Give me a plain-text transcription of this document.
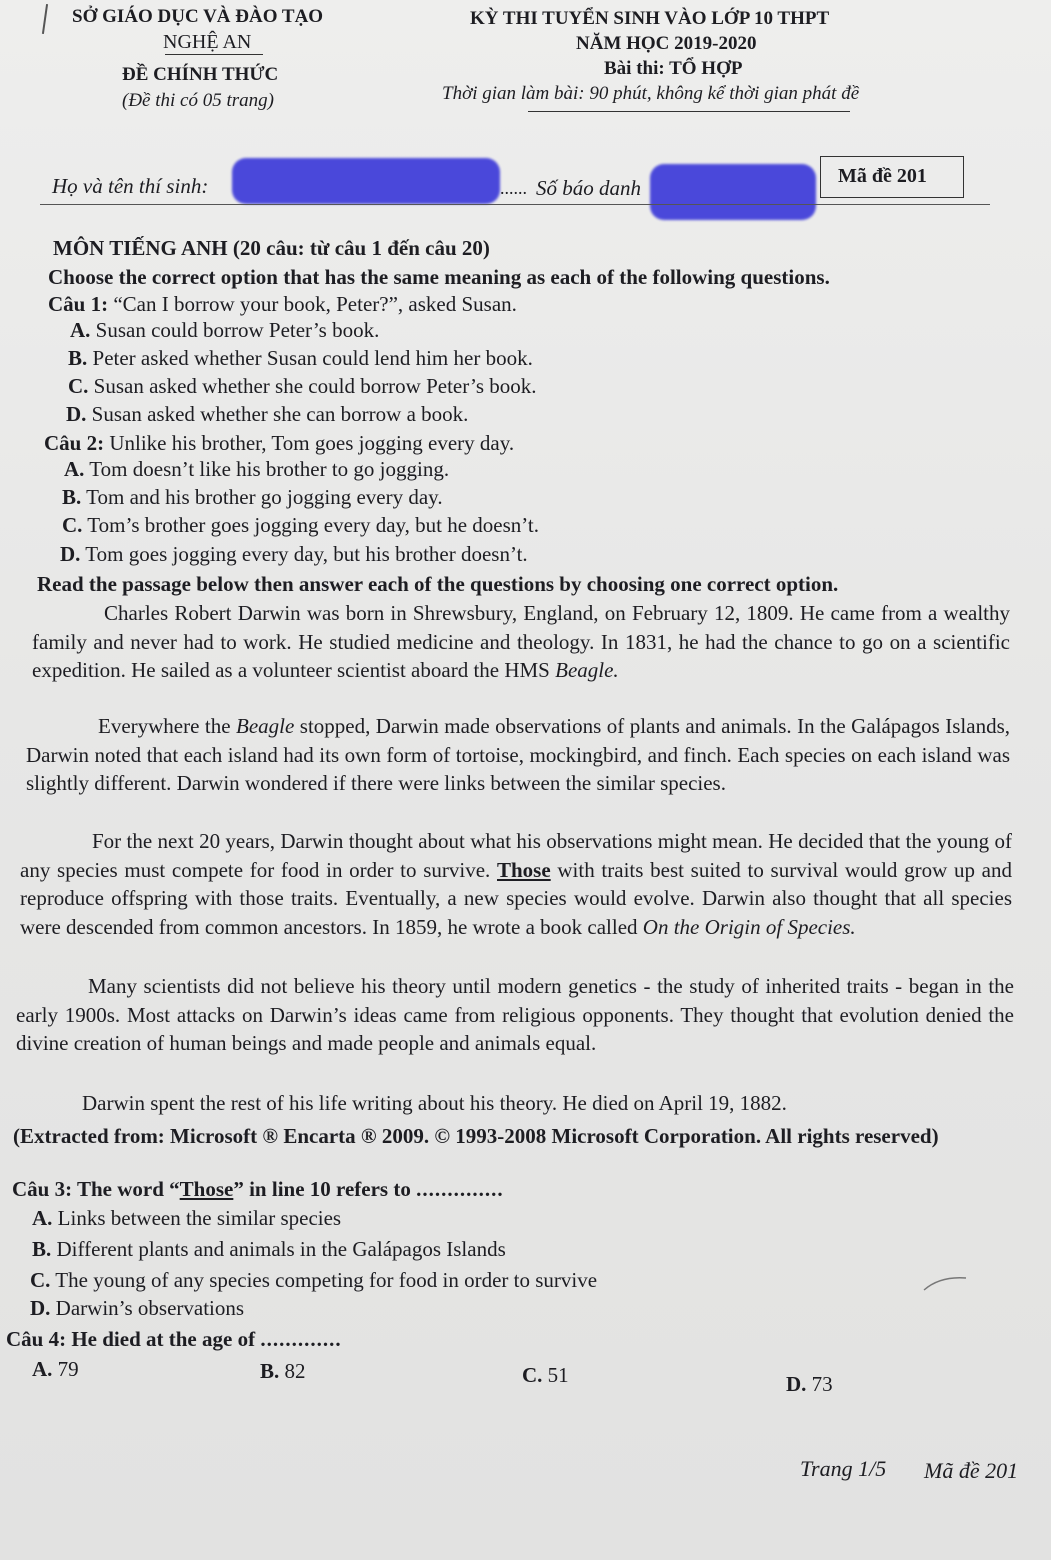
SỞ GIÁO DỤC VÀ ĐÀO TẠO
NGHỆ AN
ĐỀ CHÍNH THỨC
(Đề thi có 05 trang)
KỲ THI TUYỂN SINH VÀO LỚP 10 THPT
NĂM HỌC 2019-2020
Bài thi: TỔ HỢP
Thời gian làm bài: 90 phút, không kể thời gian phát đề
Họ và tên thí sinh:	...... Số báo danh	Mã đề 201
MÔN TIẾNG ANH (20 câu: từ câu 1 đến câu 20)
Choose the correct option that has the same meaning as each of the following questions.
Câu 1: “Can I borrow your book, Peter?”, asked Susan.
A. Susan could borrow Peter’s book.
B. Peter asked whether Susan could lend him her book.
C. Susan asked whether she could borrow Peter’s book.
D. Susan asked whether she can borrow a book.
Câu 2: Unlike his brother, Tom goes jogging every day.
A. Tom doesn’t like his brother to go jogging.
B. Tom and his brother go jogging every day.
C. Tom’s brother goes jogging every day, but he doesn’t.
D. Tom goes jogging every day, but his brother doesn’t.
Read the passage below then answer each of the questions by choosing one correct option.

Charles Robert Darwin was born in Shrewsbury, England, on February 12, 1809. He came from a wealthy family and never had to work. He studied medicine and theology. In 1831, he had the chance to go on a scientific expedition. He sailed as a volunteer scientist aboard the HMS Beagle.

Everywhere the Beagle stopped, Darwin made observations of plants and animals. In the Galápagos Islands, Darwin noted that each island had its own form of tortoise, mockingbird, and finch. Each species on each island was slightly different. Darwin wondered if there were links between the similar species.

For the next 20 years, Darwin thought about what his observations might mean. He decided that the young of any species must compete for food in order to survive. Those with traits best suited to survival would grow up and reproduce offspring with those traits. Eventually, a new species would evolve. Darwin also thought that all species were descended from common ancestors. In 1859, he wrote a book called On the Origin of Species.

Many scientists did not believe his theory until modern genetics - the study of inherited traits - began in the early 1900s. Most attacks on Darwin’s ideas came from religious opponents. They thought that evolution denied the divine creation of human beings and made people and animals equal.

Darwin spent the rest of his life writing about his theory. He died on April 19, 1882.

(Extracted from: Microsoft ® Encarta ® 2009. © 1993-2008 Microsoft Corporation. All rights reserved)

Câu 3: The word “Those” in line 10 refers to ..............
A. Links between the similar species
B. Different plants and animals in the Galápagos Islands
C. The young of any species competing for food in order to survive
D. Darwin’s observations
Câu 4: He died at the age of .............
A. 79	B. 82	C. 51	D. 73
Trang 1/5 Mã đề 201
